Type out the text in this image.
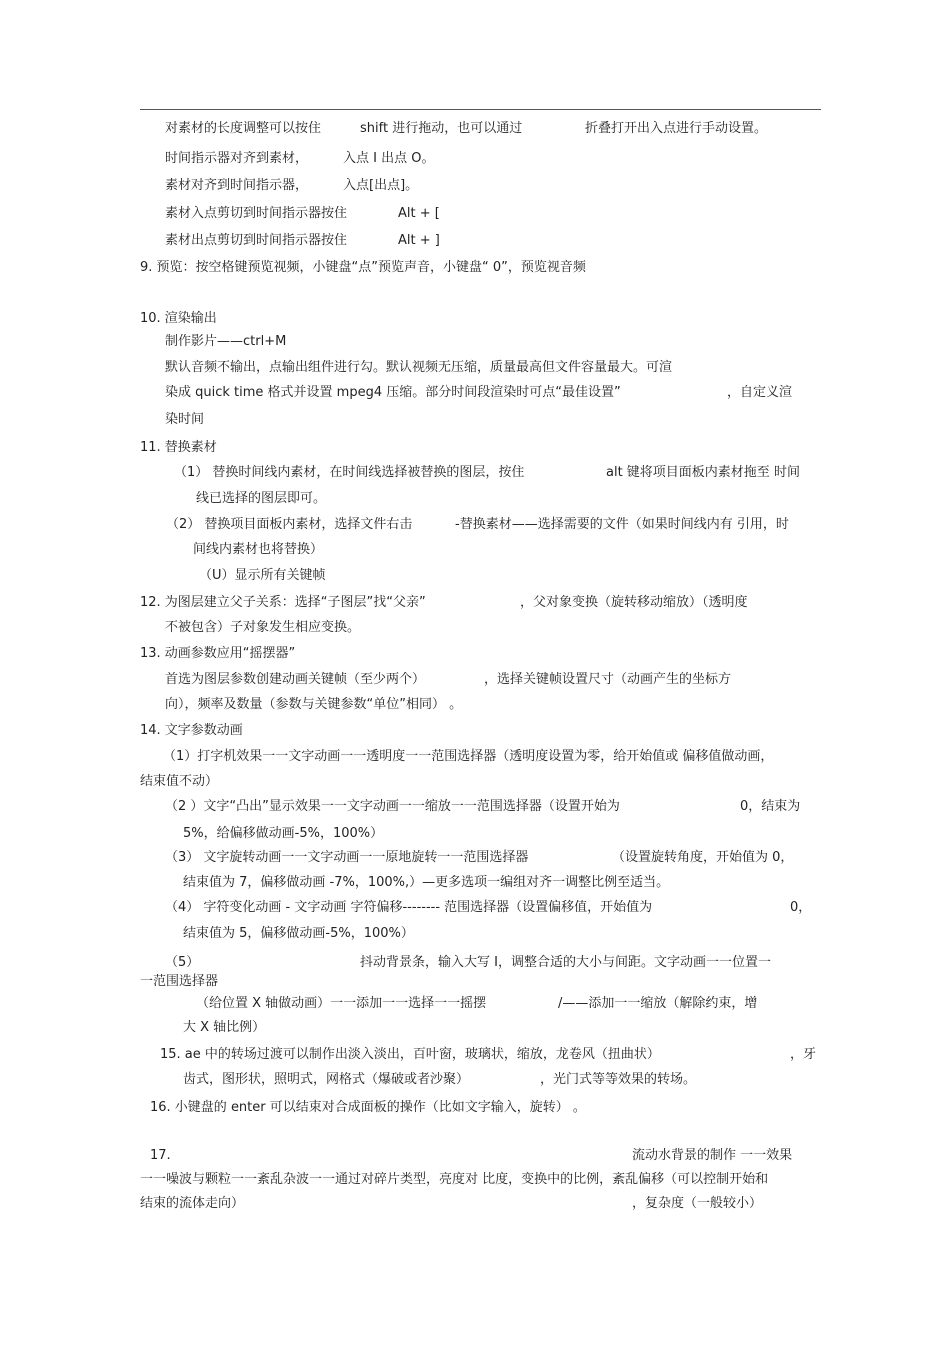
对素材的长度调整可以按住	shift 进行拖动，也可以通过	折叠打开出入点进行手动设置。
时间指示器对齐到素材，	入点 I 出点 O。
素材对齐到时间指示器，	入点[出点]。
素材入点剪切到时间指示器按住	Alt + [
素材出点剪切到时间指示器按住	Alt + ]
9. 预览：按空格键预览视频，小键盘“点”预览声音，小键盘“ 0”，预览视音频
10. 渲染输出
制作影片——ctrl+M
默认音频不输出，点输出组件进行勾。默认视频无压缩，质量最高但文件容量最大。可渲
染成 quick time 格式并设置 mpeg4 压缩。部分时间段渲染时可点“最佳设置”	，自定义渲
染时间
11. 替换素材
（1） 替换时间线内素材，在时间线选择被替换的图层，按住	alt 键将项目面板内素材拖至 时间
线已选择的图层即可。
（2） 替换项目面板内素材，选择文件右击	-替换素材——选择需要的文件（如果时间线内有 引用，时
间线内素材也将替换）
（U）显示所有关键帧
12. 为图层建立父子关系：选择“子图层”找“父亲”	，父对象变换（旋转移动缩放）（透明度
不被包含）子对象发生相应变换。
13. 动画参数应用“摇摆器”
首选为图层参数创建动画关键帧（至少两个）	，选择关键帧设置尺寸（动画产生的坐标方
向），频率及数量（参数与关键参数“单位”相同） 。
14. 文字参数动画
（1）打字机效果一一文字动画一一透明度一一范围选择器（透明度设置为零，给开始值或 偏移值做动画，
结束值不动）
（2 ）文字“凸出”显示效果一一文字动画一一缩放一一范围选择器（设置开始为	0，结束为
5%，给偏移做动画-5%，100%）
（3） 文字旋转动画一一文字动画一一原地旋转一一范围选择器	（设置旋转角度，开始值为 0，
结束值为 7，偏移做动画 -7%，100%,）—更多选项一编组对齐一调整比例至适当。
（4） 字符变化动画 - 文字动画 字符偏移-------- 范围选择器（设置偏移值，开始值为	0，
结束值为 5，偏移做动画-5%，100%）
（5）	抖动背景条，输入大写 I，调整合适的大小与间距。文字动画一一位置一
一范围选择器
（给位置 X 轴做动画）一一添加一一选择一一摇摆	/——添加一一缩放（解除约束，增
大 X 轴比例）
15. ae 中的转场过渡可以制作出淡入淡出，百叶窗，玻璃状，缩放，龙卷风（扭曲状）	，牙
齿式，图形状，照明式，网格式（爆破或者沙聚）	，光门式等等效果的转场。
16. 小键盘的 enter 可以结束对合成面板的操作（比如文字输入，旋转） 。
17.	流动水背景的制作 一一效果
一一噪波与颗粒一一紊乱杂波一一通过对碎片类型，亮度对 比度，变换中的比例，紊乱偏移（可以控制开始和
结束的流体走向）	，复杂度（一般较小）
